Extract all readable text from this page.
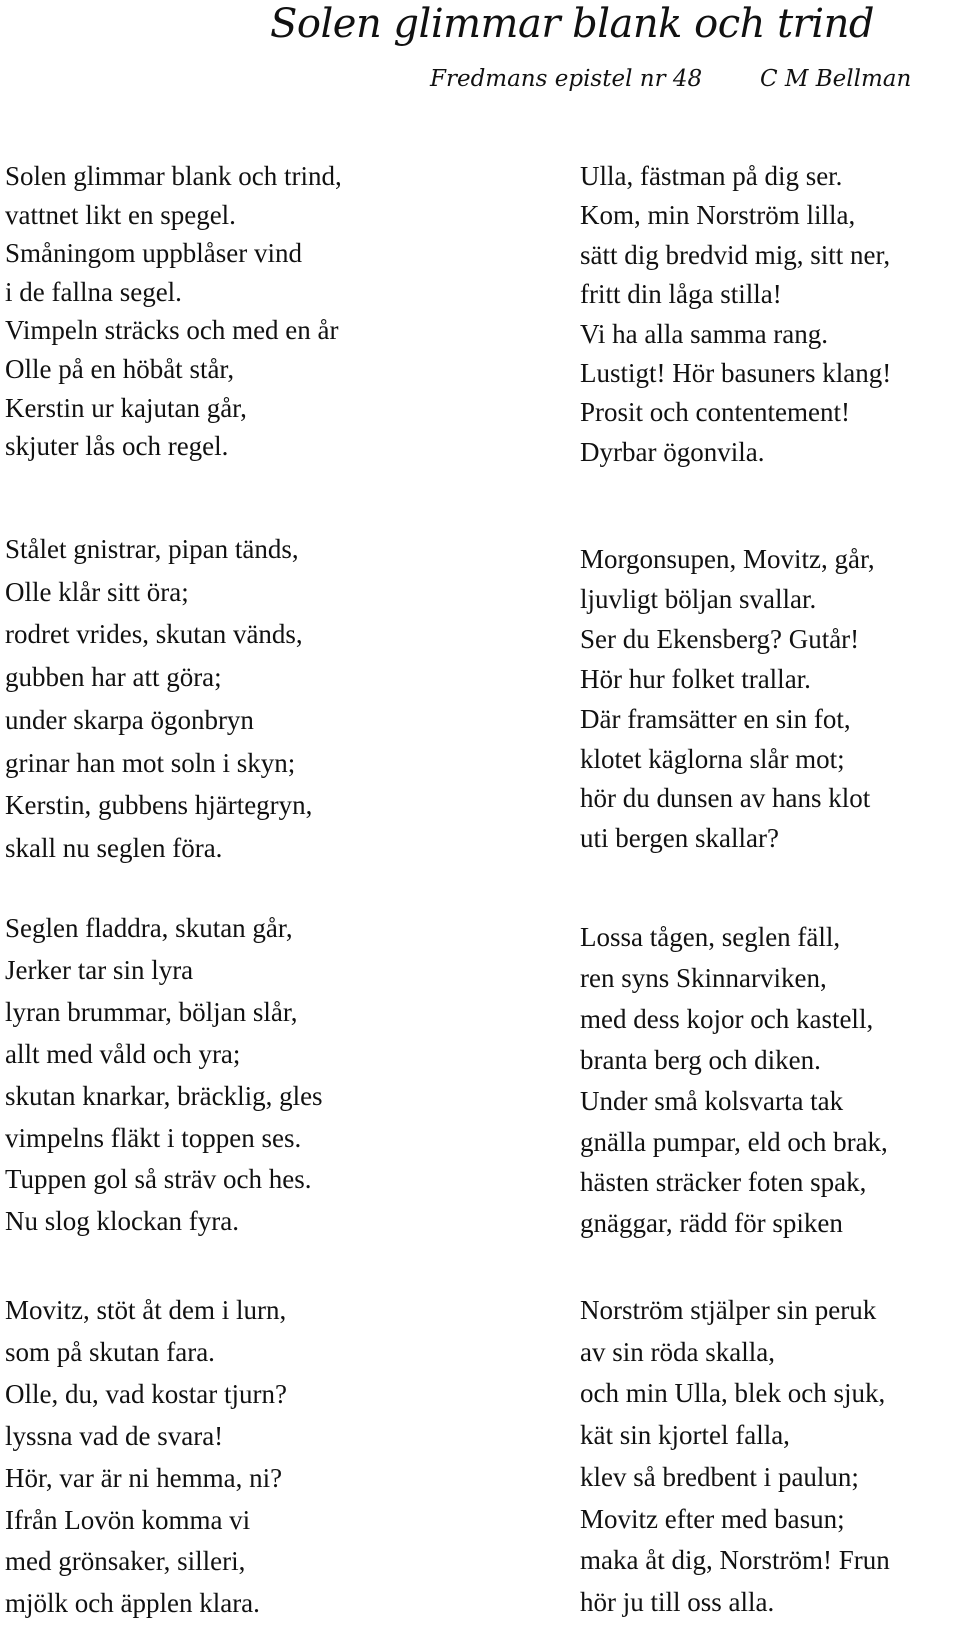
Solen glimmar blank och trind
Fredmans epistel nr 48	C M Bellman
Solen glimmar blank och trind,
vattnet likt en spegel.
Småningom uppblåser vind
i de fallna segel.
Vimpeln sträcks och med en år
Olle på en höbåt står,
Kerstin ur kajutan går,
skjuter lås och regel.
Stålet gnistrar, pipan tänds,
Olle klår sitt öra;
rodret vrides, skutan vänds,
gubben har att göra;
under skarpa ögonbryn
grinar han mot soln i skyn;
Kerstin, gubbens hjärtegryn,
skall nu seglen föra.
Seglen fladdra, skutan går,
Jerker tar sin lyra
lyran brummar, böljan slår,
allt med våld och yra;
skutan knarkar, bräcklig, gles
vimpelns fläkt i toppen ses.
Tuppen gol så sträv och hes.
Nu slog klockan fyra.
Movitz, stöt åt dem i lurn,
som på skutan fara.
Olle, du, vad kostar tjurn?
lyssna vad de svara!
Hör, var är ni hemma, ni?
Ifrån Lovön komma vi
med grönsaker, silleri,
mjölk och äpplen klara.
Ulla, fästman på dig ser.
Kom, min Norström lilla,
sätt dig bredvid mig, sitt ner,
fritt din låga stilla!
Vi ha alla samma rang.
Lustigt! Hör basuners klang!
Prosit och contentement!
Dyrbar ögonvila.
Morgonsupen, Movitz, går,
ljuvligt böljan svallar.
Ser du Ekensberg? Gutår!
Hör hur folket trallar.
Där framsätter en sin fot,
klotet käglorna slår mot;
hör du dunsen av hans klot
uti bergen skallar?
Lossa tågen, seglen fäll,
ren syns Skinnarviken,
med dess kojor och kastell,
branta berg och diken.
Under små kolsvarta tak
gnälla pumpar, eld och brak,
hästen sträcker foten spak,
gnäggar, rädd för spiken
Norström stjälper sin peruk
av sin röda skalla,
och min Ulla, blek och sjuk,
kät sin kjortel falla,
klev så bredbent i paulun;
Movitz efter med basun;
maka åt dig, Norström! Frun
hör ju till oss alla.
